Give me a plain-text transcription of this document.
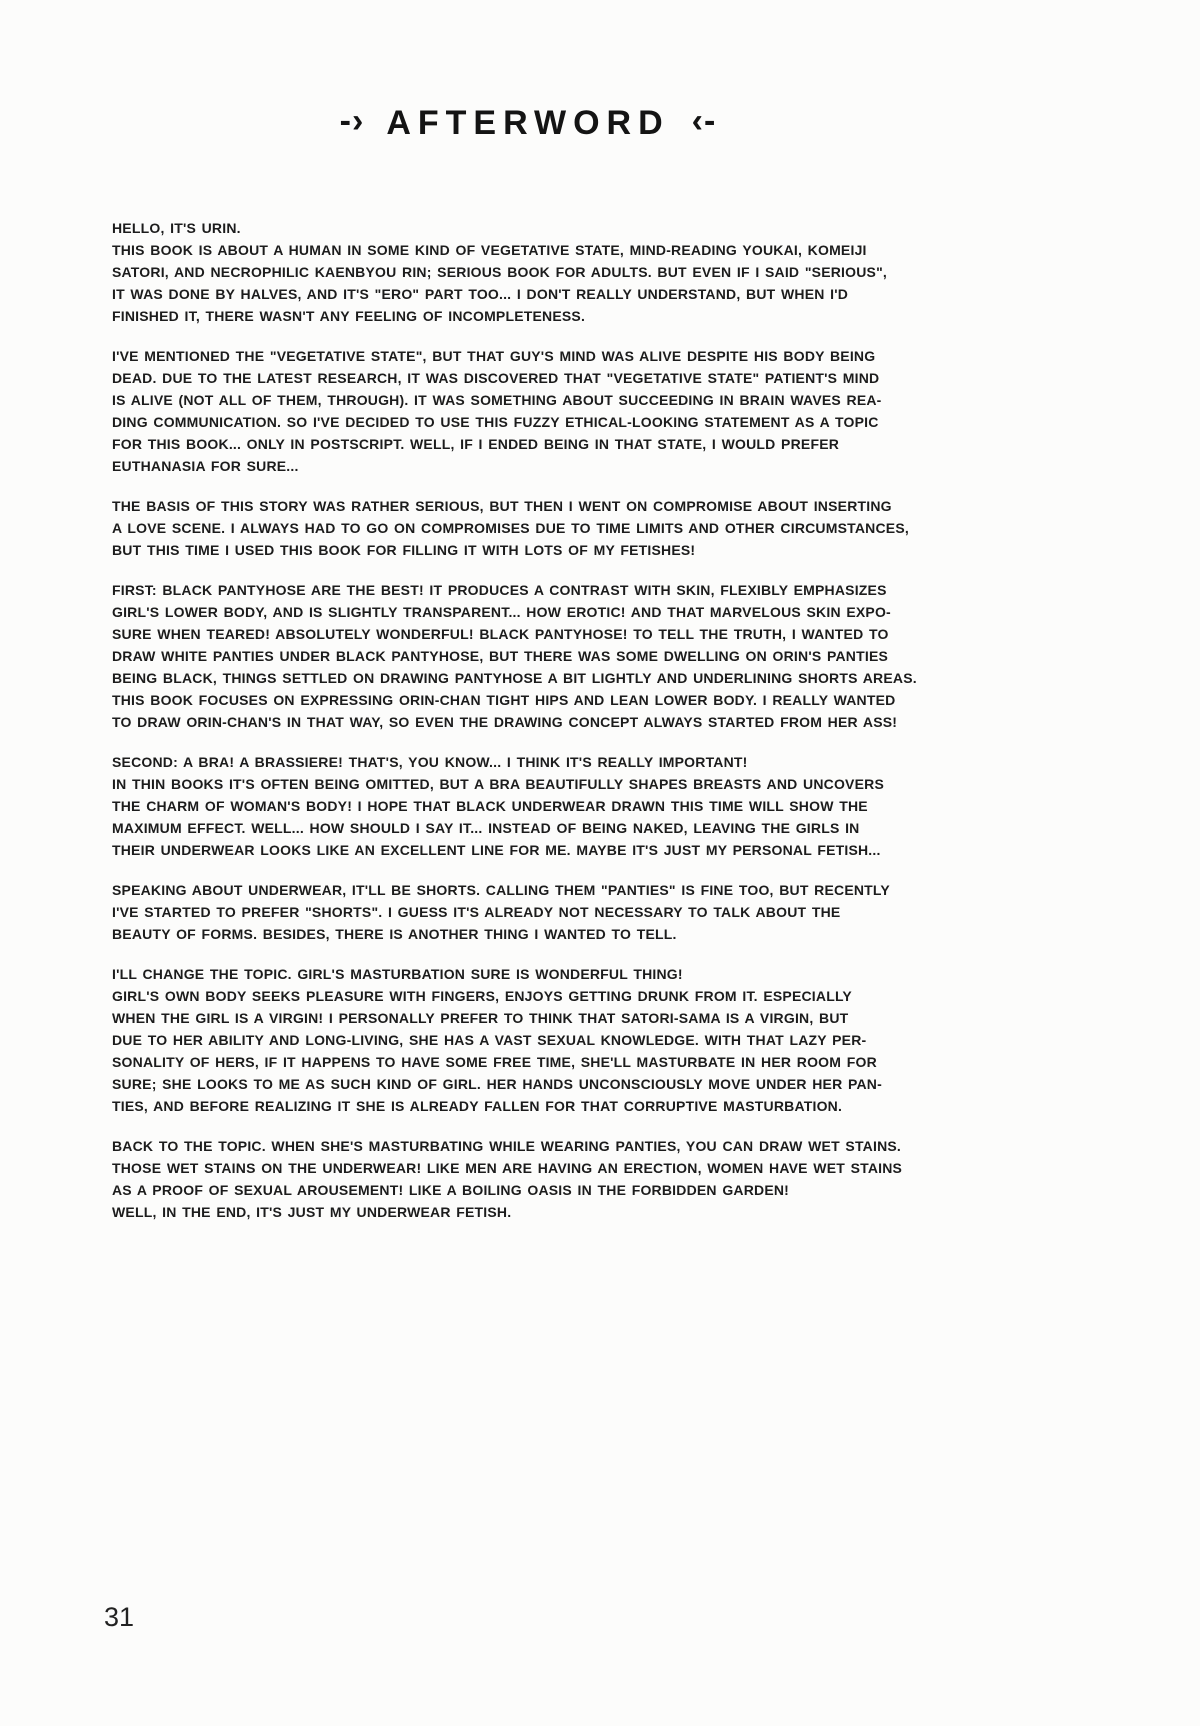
-› AFTERWORD ‹-
HELLO, IT'S URIN.
THIS BOOK IS ABOUT A HUMAN IN SOME KIND OF VEGETATIVE STATE, MIND-READING YOUKAI, KOMEIJI
SATORI, AND NECROPHILIC KAENBYOU RIN; SERIOUS BOOK FOR ADULTS. BUT EVEN IF I SAID "SERIOUS",
IT WAS DONE BY HALVES, AND IT'S "ERO" PART TOO... I DON'T REALLY UNDERSTAND, BUT WHEN I'D
FINISHED IT, THERE WASN'T ANY FEELING OF INCOMPLETENESS.
I'VE MENTIONED THE "VEGETATIVE STATE", BUT THAT GUY'S MIND WAS ALIVE DESPITE HIS BODY BEING
DEAD. DUE TO THE LATEST RESEARCH, IT WAS DISCOVERED THAT "VEGETATIVE STATE" PATIENT'S MIND
IS ALIVE (NOT ALL OF THEM, THROUGH). IT WAS SOMETHING ABOUT SUCCEEDING IN BRAIN WAVES REA-
DING COMMUNICATION. SO I'VE DECIDED TO USE THIS FUZZY ETHICAL-LOOKING STATEMENT AS A TOPIC
FOR THIS BOOK... ONLY IN POSTSCRIPT. WELL, IF I ENDED BEING IN THAT STATE, I WOULD PREFER
EUTHANASIA FOR SURE...
THE BASIS OF THIS STORY WAS RATHER SERIOUS, BUT THEN I WENT ON COMPROMISE ABOUT INSERTING
A LOVE SCENE. I ALWAYS HAD TO GO ON COMPROMISES DUE TO TIME LIMITS AND OTHER CIRCUMSTANCES,
BUT THIS TIME I USED THIS BOOK FOR FILLING IT WITH LOTS OF MY FETISHES!
FIRST: BLACK PANTYHOSE ARE THE BEST! IT PRODUCES A CONTRAST WITH SKIN, FLEXIBLY EMPHASIZES
GIRL'S LOWER BODY, AND IS SLIGHTLY TRANSPARENT... HOW EROTIC! AND THAT MARVELOUS SKIN EXPO-
SURE WHEN TEARED! ABSOLUTELY WONDERFUL! BLACK PANTYHOSE! TO TELL THE TRUTH, I WANTED TO
DRAW WHITE PANTIES UNDER BLACK PANTYHOSE, BUT THERE WAS SOME DWELLING ON ORIN'S PANTIES
BEING BLACK, THINGS SETTLED ON DRAWING PANTYHOSE A BIT LIGHTLY AND UNDERLINING SHORTS AREAS.
THIS BOOK FOCUSES ON EXPRESSING ORIN-CHAN TIGHT HIPS AND LEAN LOWER BODY. I REALLY WANTED
TO DRAW ORIN-CHAN'S IN THAT WAY, SO EVEN THE DRAWING CONCEPT ALWAYS STARTED FROM HER ASS!
SECOND: A BRA! A BRASSIERE! THAT'S, YOU KNOW... I THINK IT'S REALLY IMPORTANT!
IN THIN BOOKS IT'S OFTEN BEING OMITTED, BUT A BRA BEAUTIFULLY SHAPES BREASTS AND UNCOVERS
THE CHARM OF WOMAN'S BODY! I HOPE THAT BLACK UNDERWEAR DRAWN THIS TIME WILL SHOW THE
MAXIMUM EFFECT. WELL... HOW SHOULD I SAY IT... INSTEAD OF BEING NAKED, LEAVING THE GIRLS IN
THEIR UNDERWEAR LOOKS LIKE AN EXCELLENT LINE FOR ME. MAYBE IT'S JUST MY PERSONAL FETISH...
SPEAKING ABOUT UNDERWEAR, IT'LL BE SHORTS. CALLING THEM "PANTIES" IS FINE TOO, BUT RECENTLY
I'VE STARTED TO PREFER "SHORTS". I GUESS IT'S ALREADY NOT NECESSARY TO TALK ABOUT THE
BEAUTY OF FORMS. BESIDES, THERE IS ANOTHER THING I WANTED TO TELL.
I'LL CHANGE THE TOPIC. GIRL'S MASTURBATION SURE IS WONDERFUL THING!
GIRL'S OWN BODY SEEKS PLEASURE WITH FINGERS, ENJOYS GETTING DRUNK FROM IT. ESPECIALLY
WHEN THE GIRL IS A VIRGIN! I PERSONALLY PREFER TO THINK THAT SATORI-SAMA IS A VIRGIN, BUT
DUE TO HER ABILITY AND LONG-LIVING, SHE HAS A VAST SEXUAL KNOWLEDGE. WITH THAT LAZY PER-
SONALITY OF HERS, IF IT HAPPENS TO HAVE SOME FREE TIME, SHE'LL MASTURBATE IN HER ROOM FOR
SURE; SHE LOOKS TO ME AS SUCH KIND OF GIRL. HER HANDS UNCONSCIOUSLY MOVE UNDER HER PAN-
TIES, AND BEFORE REALIZING IT SHE IS ALREADY FALLEN FOR THAT CORRUPTIVE MASTURBATION.
BACK TO THE TOPIC. WHEN SHE'S MASTURBATING WHILE WEARING PANTIES, YOU CAN DRAW WET STAINS.
THOSE WET STAINS ON THE UNDERWEAR! LIKE MEN ARE HAVING AN ERECTION, WOMEN HAVE WET STAINS
AS A PROOF OF SEXUAL AROUSEMENT! LIKE A BOILING OASIS IN THE FORBIDDEN GARDEN!
WELL, IN THE END, IT'S JUST MY UNDERWEAR FETISH.
31
